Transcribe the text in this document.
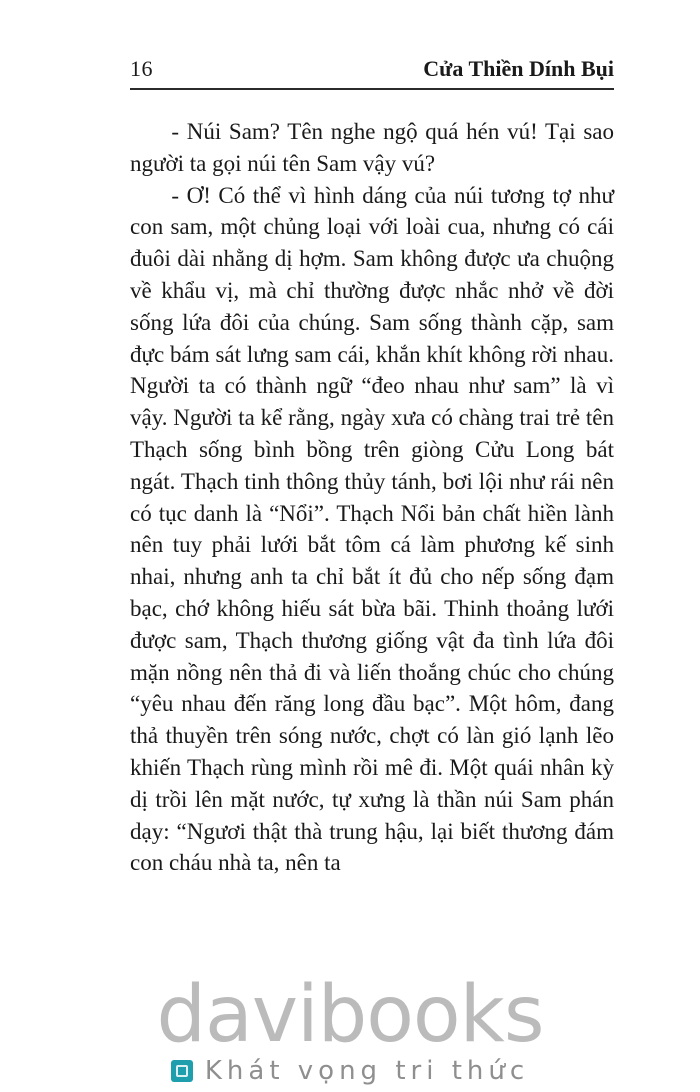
16	Cửa Thiền Dính Bụi

- Núi Sam? Tên nghe ngộ quá hén vú! Tại sao người ta gọi núi tên Sam vậy vú?

- Ơ! Có thể vì hình dáng của núi tương tợ như con sam, một chủng loại với loài cua, nhưng có cái đuôi dài nhằng dị hợm. Sam không được ưa chuộng về khẩu vị, mà chỉ thường được nhắc nhở về đời sống lứa đôi của chúng. Sam sống thành cặp, sam đực bám sát lưng sam cái, khắn khít không rời nhau. Người ta có thành ngữ “đeo nhau như sam” là vì vậy. Người ta kể rằng, ngày xưa có chàng trai trẻ tên Thạch sống bình bồng trên giòng Cửu Long bát ngát. Thạch tinh thông thủy tánh, bơi lội như rái nên có tục danh là “Nổi”. Thạch Nổi bản chất hiền lành nên tuy phải lưới bắt tôm cá làm phương kế sinh nhai, nhưng anh ta chỉ bắt ít đủ cho nếp sống đạm bạc, chớ không hiếu sát bừa bãi. Thinh thoảng lưới được sam, Thạch thương giống vật đa tình lứa đôi mặn nồng nên thả đi và liến thoắng chúc cho chúng “yêu nhau đến răng long đầu bạc”. Một hôm, đang thả thuyền trên sóng nước, chợt có làn gió lạnh lẽo khiến Thạch rùng mình rồi mê đi. Một quái nhân kỳ dị trồi lên mặt nước, tự xưng là thần núi Sam phán dạy: “Ngươi thật thà trung hậu, lại biết thương đám con cháu nhà ta, nên ta

davibooks
Khát vọng tri thức
